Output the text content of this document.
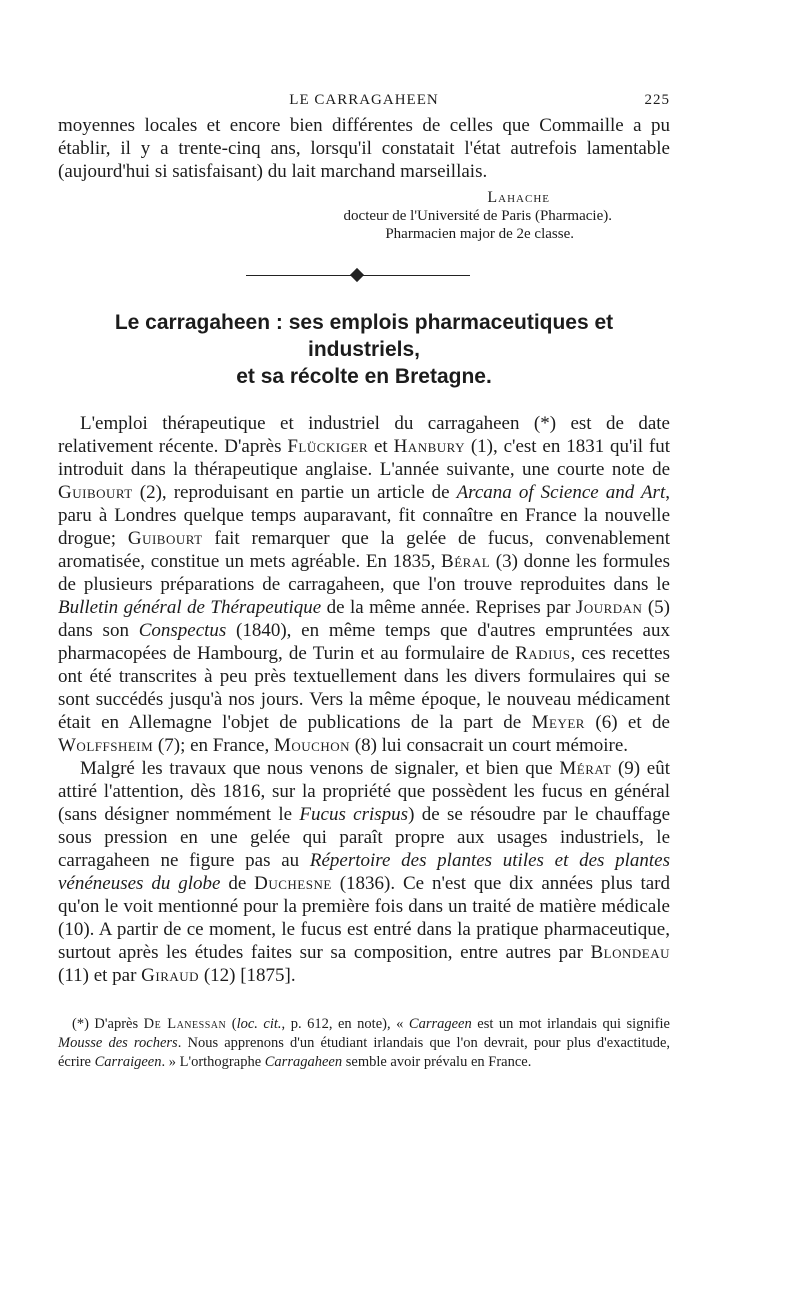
LE CARRAGAHEEN	225

moyennes locales et encore bien différentes de celles que Commaille a pu établir, il y a trente-cinq ans, lorsqu'il constatait l'état autrefois lamentable (aujourd'hui si satisfaisant) du lait marchand marseillais.

Lahache
docteur de l'Université de Paris (Pharmacie).
Pharmacien major de 2e classe.
Le carragaheen : ses emplois pharmaceutiques et industriels,
et sa récolte en Bretagne.

L'emploi thérapeutique et industriel du carragaheen (*) est de date relativement récente. D'après Flückiger et Hanbury (1), c'est en 1831 qu'il fut introduit dans la thérapeutique anglaise. L'année suivante, une courte note de Guibourt (2), reproduisant en partie un article de Arcana of Science and Art, paru à Londres quelque temps auparavant, fit connaître en France la nouvelle drogue; Guibourt fait remarquer que la gelée de fucus, convenablement aromatisée, constitue un mets agréable. En 1835, Béral (3) donne les formules de plusieurs préparations de carragaheen, que l'on trouve reproduites dans le Bulletin général de Thérapeutique de la même année. Reprises par Jourdan (5) dans son Conspectus (1840), en même temps que d'autres empruntées aux pharmacopées de Hambourg, de Turin et au formulaire de Radius, ces recettes ont été transcrites à peu près textuellement dans les divers formulaires qui se sont succédés jusqu'à nos jours. Vers la même époque, le nouveau médicament était en Allemagne l'objet de publications de la part de Meyer (6) et de Wolffsheim (7); en France, Mouchon (8) lui consacrait un court mémoire.

Malgré les travaux que nous venons de signaler, et bien que Mérat (9) eût attiré l'attention, dès 1816, sur la propriété que possèdent les fucus en général (sans désigner nommément le Fucus crispus) de se résoudre par le chauffage sous pression en une gelée qui paraît propre aux usages industriels, le carragaheen ne figure pas au Répertoire des plantes utiles et des plantes vénéneuses du globe de Duchesne (1836). Ce n'est que dix années plus tard qu'on le voit mentionné pour la première fois dans un traité de matière médicale (10). A partir de ce moment, le fucus est entré dans la pratique pharmaceutique, surtout après les études faites sur sa composition, entre autres par Blondeau (11) et par Giraud (12) [1875].

(*) D'après De Lanessan (loc. cit., p. 612, en note), « Carrageen est un mot irlandais qui signifie Mousse des rochers. Nous apprenons d'un étudiant irlandais que l'on devrait, pour plus d'exactitude, écrire Carraigeen. » L'orthographe Carragaheen semble avoir prévalu en France.
